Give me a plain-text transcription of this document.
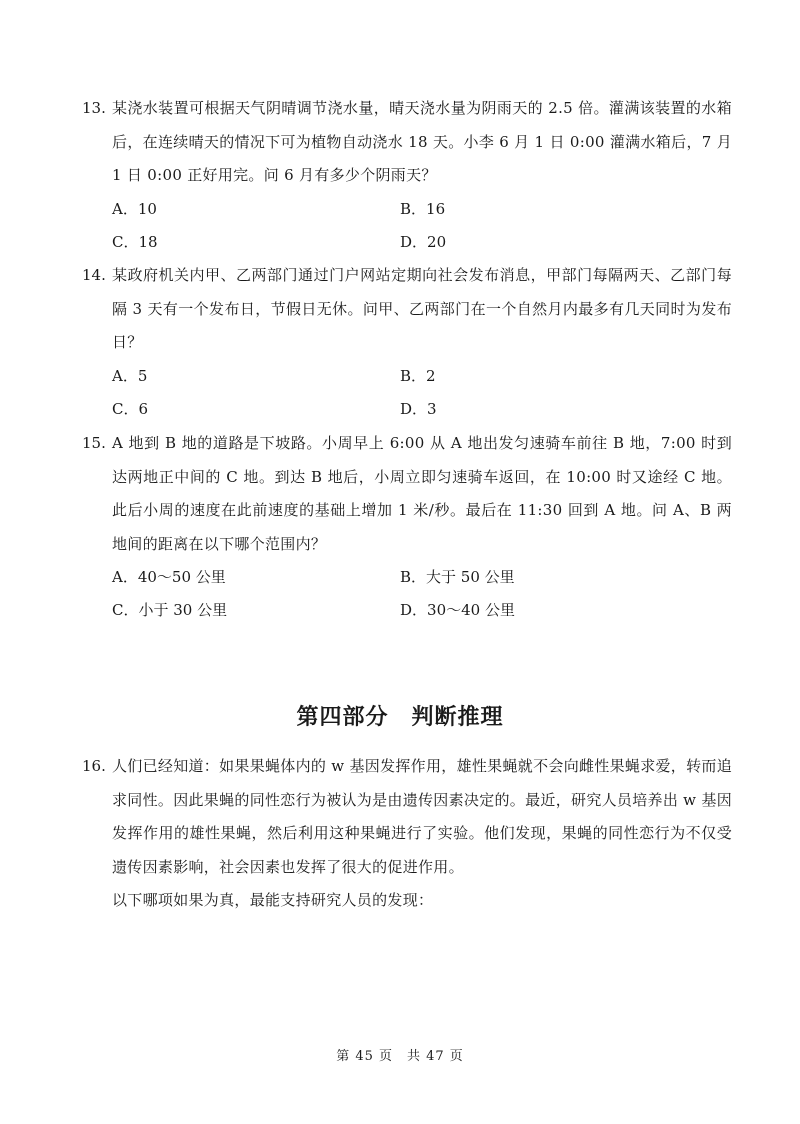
13. 某浇水装置可根据天气阴晴调节浇水量，晴天浇水量为阴雨天的 2.5 倍。灌满该装置的水箱后，在连续晴天的情况下可为植物自动浇水 18 天。小李 6 月 1 日 0:00 灌满水箱后，7 月 1 日 0:00 正好用完。问 6 月有多少个阴雨天？
A．10	B．16
C．18	D．20
14. 某政府机关内甲、乙两部门通过门户网站定期向社会发布消息，甲部门每隔两天、乙部门每隔 3 天有一个发布日，节假日无休。问甲、乙两部门在一个自然月内最多有几天同时为发布日？
A．5	B．2
C．6	D．3
15. A 地到 B 地的道路是下坡路。小周早上 6:00 从 A 地出发匀速骑车前往 B 地，7:00 时到达两地正中间的 C 地。到达 B 地后，小周立即匀速骑车返回，在 10:00 时又途经 C 地。此后小周的速度在此前速度的基础上增加 1 米/秒。最后在 11:30 回到 A 地。问 A、B 两地间的距离在以下哪个范围内？
A．40～50 公里	B．大于 50 公里
C．小于 30 公里	D．30～40 公里
第四部分　判断推理
16. 人们已经知道：如果果蝇体内的 w 基因发挥作用，雄性果蝇就不会向雌性果蝇求爱，转而追求同性。因此果蝇的同性恋行为被认为是由遗传因素决定的。最近，研究人员培养出 w 基因发挥作用的雄性果蝇，然后利用这种果蝇进行了实验。他们发现，果蝇的同性恋行为不仅受遗传因素影响，社会因素也发挥了很大的促进作用。
以下哪项如果为真，最能支持研究人员的发现：
第 45 页　共 47 页
